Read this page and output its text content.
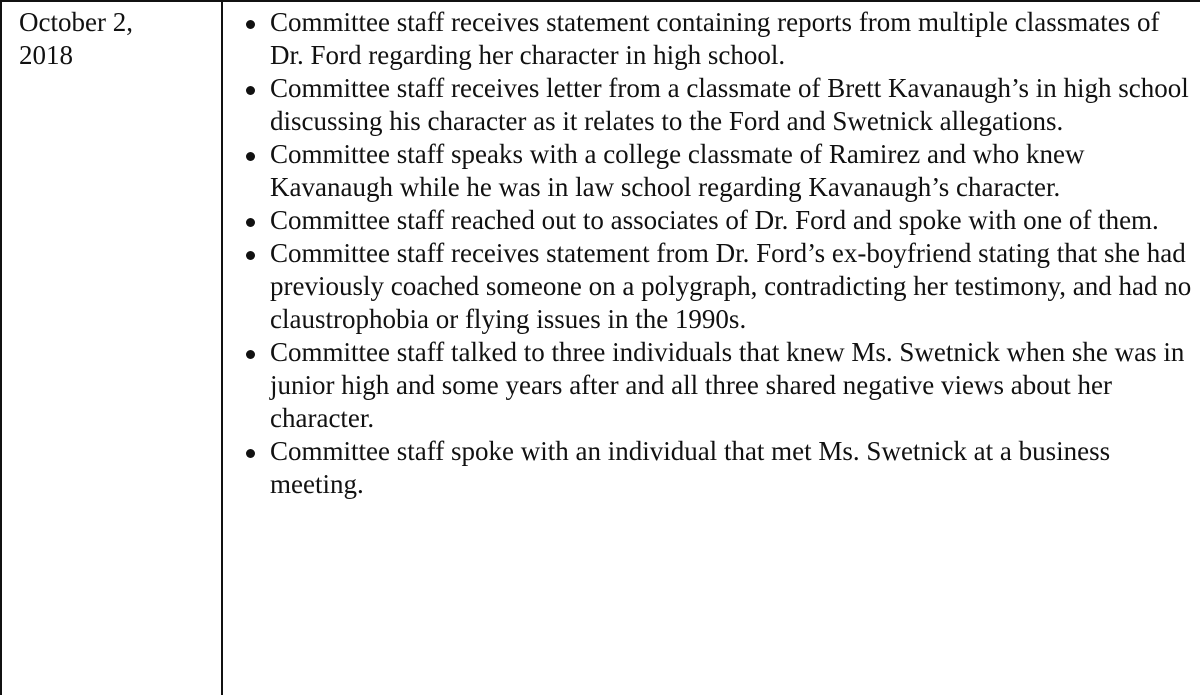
October 2,
2018
Committee staff receives statement containing reports from multiple classmates of Dr. Ford regarding her character in high school.
Committee staff receives letter from a classmate of Brett Kavanaugh’s in high school discussing his character as it relates to the Ford and Swetnick allegations.
Committee staff speaks with a college classmate of Ramirez and who knew Kavanaugh while he was in law school regarding Kavanaugh’s character.
Committee staff reached out to associates of Dr. Ford and spoke with one of them.
Committee staff receives statement from Dr. Ford’s ex-boyfriend stating that she had previously coached someone on a polygraph, contradicting her testimony, and had no claustrophobia or flying issues in the 1990s.
Committee staff talked to three individuals that knew Ms. Swetnick when she was in junior high and some years after and all three shared negative views about her character.
Committee staff spoke with an individual that met Ms. Swetnick at a business meeting.
